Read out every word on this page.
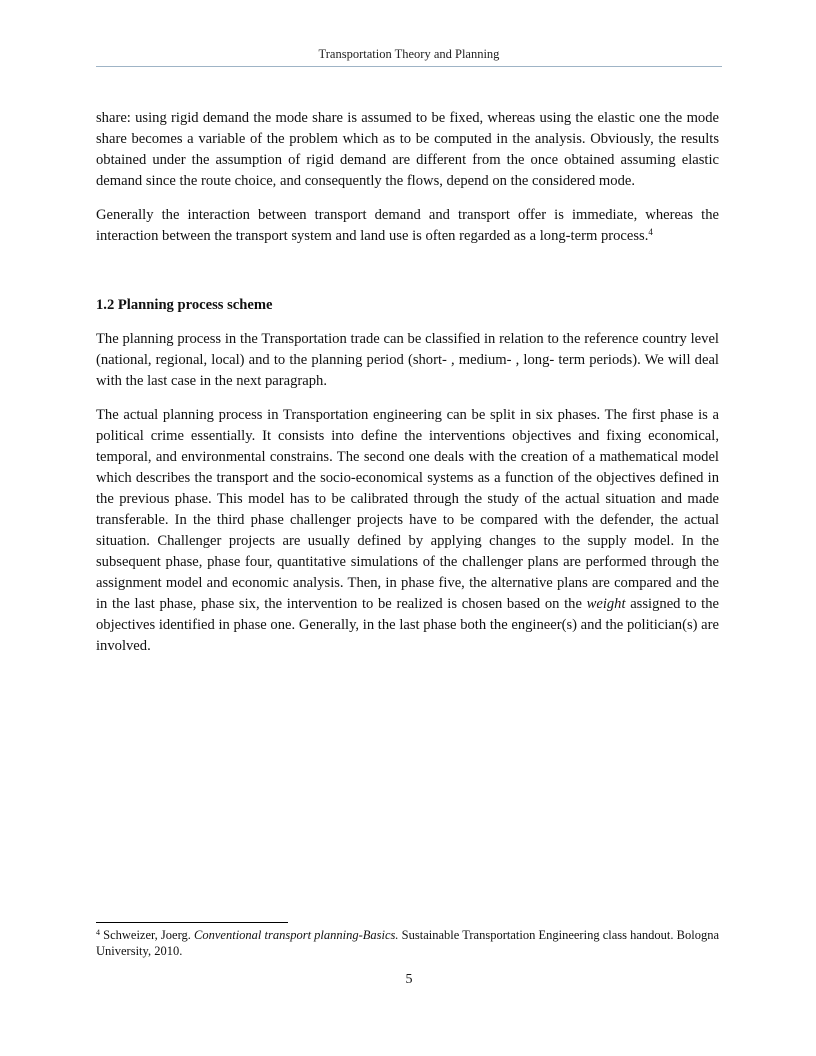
Transportation Theory and Planning

share: using rigid demand the mode share is assumed to be fixed, whereas using the elastic one the mode share becomes a variable of the problem which as to be computed in the analysis. Obviously, the results obtained under the assumption of rigid demand are different from the once obtained assuming elastic demand since the route choice, and consequently the flows, depend on the considered mode.

Generally the interaction between transport demand and transport offer is immediate, whereas the interaction between the transport system and land use is often regarded as a long-term process.$^4$

1.2 Planning process scheme

The planning process in the Transportation trade can be classified in relation to the reference country level (national, regional, local) and to the planning period (short- , medium- , long- term periods). We will deal with the last case in the next paragraph.

The actual planning process in Transportation engineering can be split in six phases. The first phase is a political crime essentially. It consists into define the interventions objectives and fixing economical, temporal, and environmental constrains. The second one deals with the creation of a mathematical model which describes the transport and the socio-economical systems as a function of the objectives defined in the previous phase. This model has to be calibrated through the study of the actual situation and made transferable. In the third phase challenger projects have to be compared with the defender, the actual situation. Challenger projects are usually defined by applying changes to the supply model. In the subsequent phase, phase four, quantitative simulations of the challenger plans are performed through the assignment model and economic analysis. Then, in phase five, the alternative plans are compared and the in the last phase, phase six, the intervention to be realized is chosen based on the weight assigned to the objectives identified in phase one. Generally, in the last phase both the engineer(s) and the politician(s) are involved.

$^4$ Schweizer, Joerg. Conventional transport planning-Basics. Sustainable Transportation Engineering class handout. Bologna University, 2010.
5
